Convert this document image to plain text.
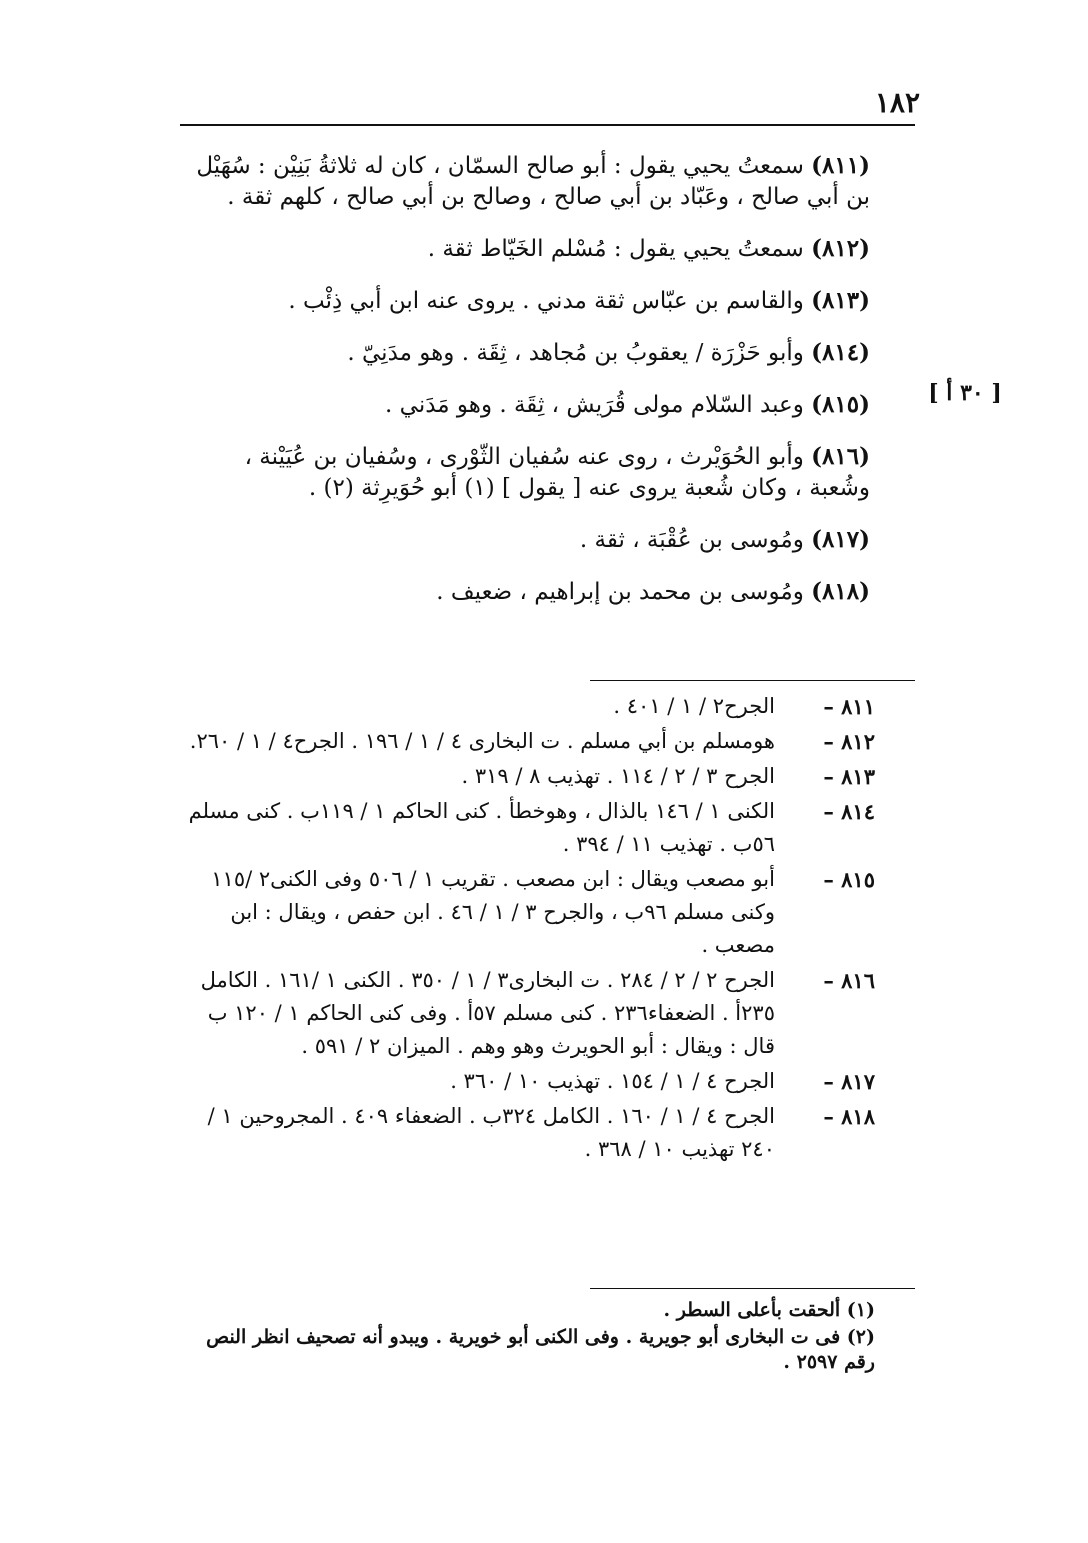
١٨٢
[ ٣٠ أ ]

(٨١١) سمعتُ يحيي يقول : أبو صالح السمّان ، كان له ثلاثةُ بَنِيْن : سُهَيْل بن أبي صالح ، وعَبّاد بن أبي صالح ، وصالح بن أبي صالح ، كلهم ثقة .

(٨١٢) سمعتُ يحيي يقول : مُسْلم الخَيّاط ثقة .

(٨١٣) والقاسم بن عبّاس ثقة مدني . يروى عنه ابن أبي ذِئْب .

(٨١٤) وأبو حَزْرَة / يعقوبُ بن مُجاهد ، ثِقَة . وهو مدَنِيّ .

(٨١٥) وعبد السّلام مولى قُرَيش ، ثِقَة . وهو مَدَني .

(٨١٦) وأبو الحُوَيْرث ، روى عنه سُفيان الثّوْرى ، وسُفيان بن عُيَيْنة ، وشُعبة ، وكان شُعبة يروى عنه [ يقول ] (١) أبو حُوَيرِثة (٢) .

(٨١٧) ومُوسى بن عُقْبَة ، ثقة .

(٨١٨) ومُوسى بن محمد بن إبراهيم ، ضعيف .

٨١١ –
الجرح٢ / ١ / ٤٠١ .
٨١٢ –
هومسلم بن أبي مسلم . ت البخارى ٤ / ١ / ١٩٦ . الجرح٤ / ١ / ٢٦٠.
٨١٣ –
الجرح ٣ / ٢ / ١١٤ . تهذيب ٨ / ٣١٩ .
٨١٤ –
الكنى ١ / ١٤٦ بالذال ، وهوخطأ . كنى الحاكم ١ / ١١٩ب . كنى مسلم ٥٦ب . تهذيب ١١ / ٣٩٤ .
٨١٥ –
أبو مصعب ويقال : ابن مصعب . تقريب ١ / ٥٠٦ وفى الكنى٢ /١١٥ وكنى مسلم ٩٦ب ، والجرح ٣ / ١ / ٤٦ . ابن حفص ، ويقال : ابن مصعب .
٨١٦ –
الجرح ٢ / ٢ / ٢٨٤ . ت البخارى٣ / ١ / ٣٥٠ . الكنى ١ /١٦١ . الكامل ٢٣٥أ . الضعفاء٢٣٦ . كنى مسلم ٥٧أ . وفى كنى الحاكم ١ / ١٢٠ ب قال : ويقال : أبو الحويرث وهو وهم . الميزان ٢ / ٥٩١ .
٨١٧ –
الجرح ٤ / ١ / ١٥٤ . تهذيب ١٠ / ٣٦٠ .
٨١٨ –
الجرح ٤ / ١ / ١٦٠ . الكامل ٣٢٤ب . الضعفاء ٤٠٩ . المجروحين ١ / ٢٤٠ تهذيب ١٠ / ٣٦٨ .

(١) ألحقت بأعلى السطر .

(٢) فى ت البخارى أبو جويرية . وفى الكنى أبو خويرية . ويبدو أنه تصحيف انظر النص رقم ٢٥٩٧ .
